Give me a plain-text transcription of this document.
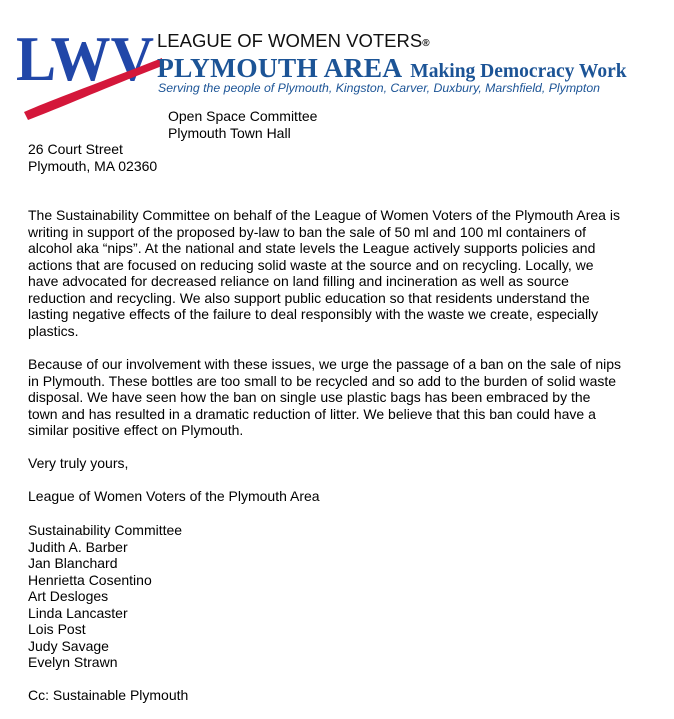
LWV LEAGUE OF WOMEN VOTERS®
PLYMOUTH AREA Making Democracy Work
Serving the people of Plymouth, Kingston, Carver, Duxbury, Marshfield, Plympton
Open Space Committee
Plymouth Town Hall
26 Court Street
Plymouth, MA 02360
The Sustainability Committee on behalf of the League of Women Voters of the Plymouth Area is
writing in support of the proposed by-law to ban the sale of 50 ml and 100 ml containers of
alcohol aka “nips”. At the national and state levels the League actively supports policies and
actions that are focused on reducing solid waste at the source and on recycling. Locally, we
have advocated for decreased reliance on land filling and incineration as well as source
reduction and recycling. We also support public education so that residents understand the
lasting negative effects of the failure to deal responsibly with the waste we create, especially
plastics.
Because of our involvement with these issues, we urge the passage of a ban on the sale of nips
in Plymouth. These bottles are too small to be recycled and so add to the burden of solid waste
disposal. We have seen how the ban on single use plastic bags has been embraced by the
town and has resulted in a dramatic reduction of litter. We believe that this ban could have a
similar positive effect on Plymouth.
Very truly yours,
League of Women Voters of the Plymouth Area
Sustainability Committee
Judith A. Barber
Jan Blanchard
Henrietta Cosentino
Art Desloges
Linda Lancaster
Lois Post
Judy Savage
Evelyn Strawn
Cc: Sustainable Plymouth
